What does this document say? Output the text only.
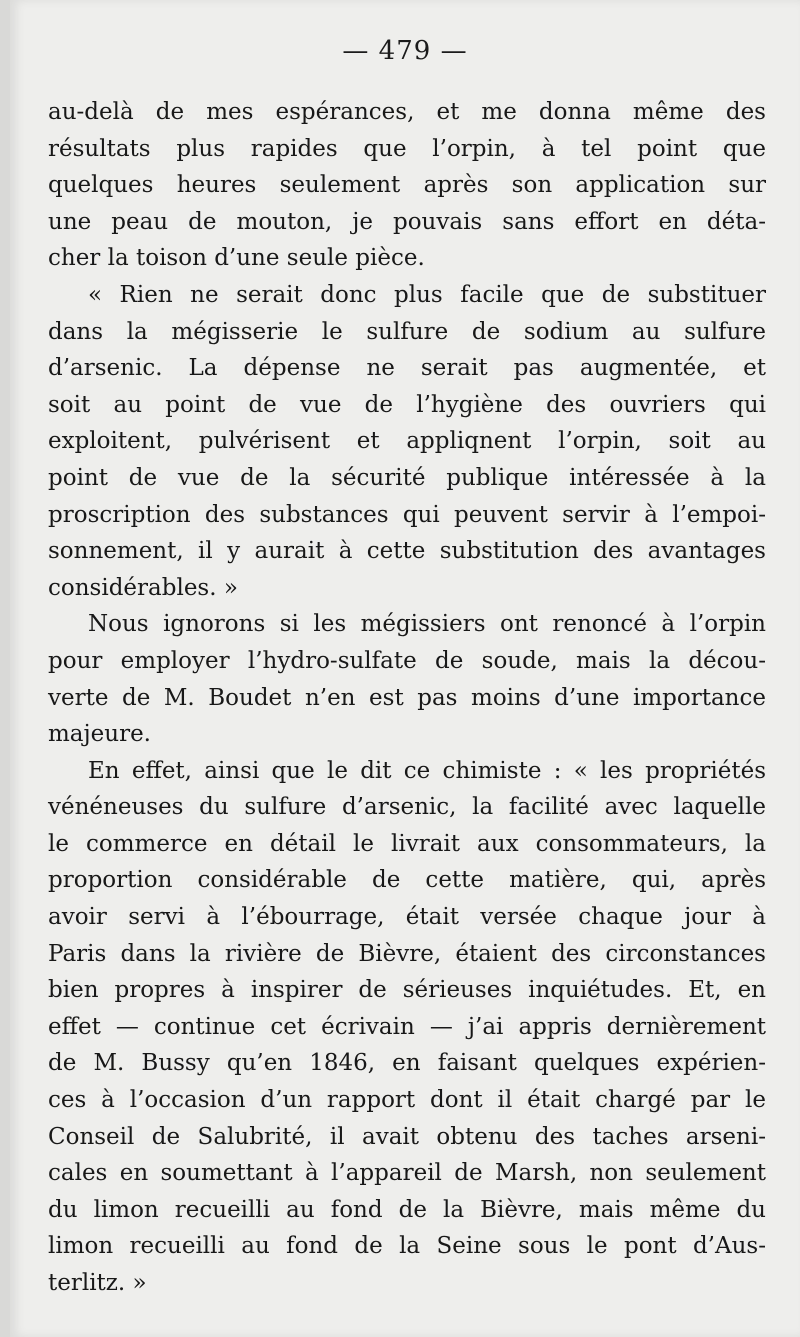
— 479 —
au-delà de mes espérances, et me donna même des
résultats plus rapides que l’orpin, à tel point que
quelques heures seulement après son application sur
une peau de mouton, je pouvais sans effort en déta-
cher la toison d’une seule pièce.
« Rien ne serait donc plus facile que de substituer
dans la mégisserie le sulfure de sodium au sulfure
d’arsenic. La dépense ne serait pas augmentée, et
soit au point de vue de l’hygiène des ouvriers qui
exploitent, pulvérisent et appliqnent l’orpin, soit au
point de vue de la sécurité publique intéressée à la
proscription des substances qui peuvent servir à l’empoi-
sonnement, il y aurait à cette substitution des avantages
considérables. »
Nous ignorons si les mégissiers ont renoncé à l’orpin
pour employer l’hydro-sulfate de soude, mais la décou-
verte de M. Boudet n’en est pas moins d’une importance
majeure.
En effet, ainsi que le dit ce chimiste : « les propriétés
vénéneuses du sulfure d’arsenic, la facilité avec laquelle
le commerce en détail le livrait aux consommateurs, la
proportion considérable de cette matière, qui, après
avoir servi à l’ébourrage, était versée chaque jour à
Paris dans la rivière de Bièvre, étaient des circonstances
bien propres à inspirer de sérieuses inquiétudes. Et, en
effet — continue cet écrivain — j’ai appris dernièrement
de M. Bussy qu’en 1846, en faisant quelques expérien-
ces à l’occasion d’un rapport dont il était chargé par le
Conseil de Salubrité, il avait obtenu des taches arseni-
cales en soumettant à l’appareil de Marsh, non seulement
du limon recueilli au fond de la Bièvre, mais même du
limon recueilli au fond de la Seine sous le pont d’Aus-
terlitz. »
